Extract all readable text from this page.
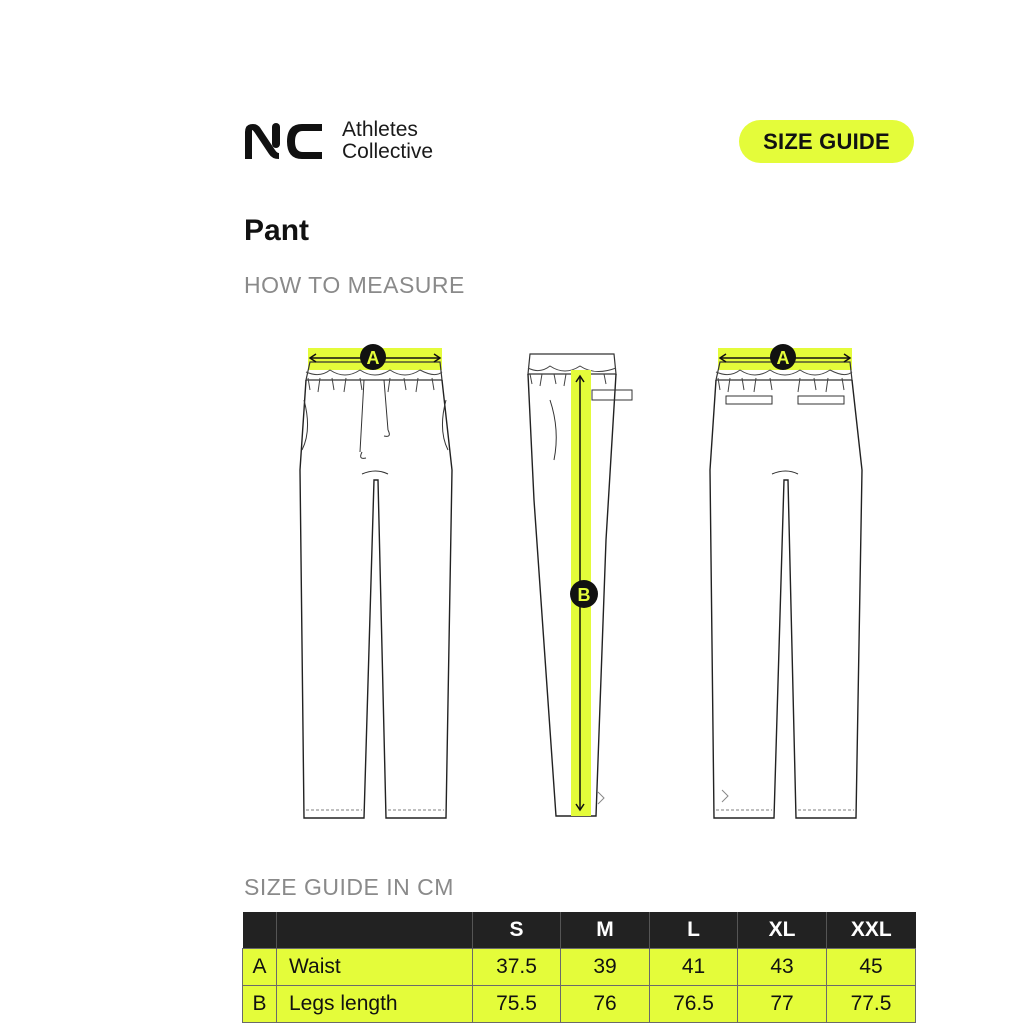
Athletes
Collective	SIZE GUIDE
Pant
HOW TO MEASURE
A
B
A
SIZE GUIDE IN CM
		S	M	L	XL	XXL
A	Waist	37.5	39	41	43	45
B	Legs length	75.5	76	76.5	77	77.5
